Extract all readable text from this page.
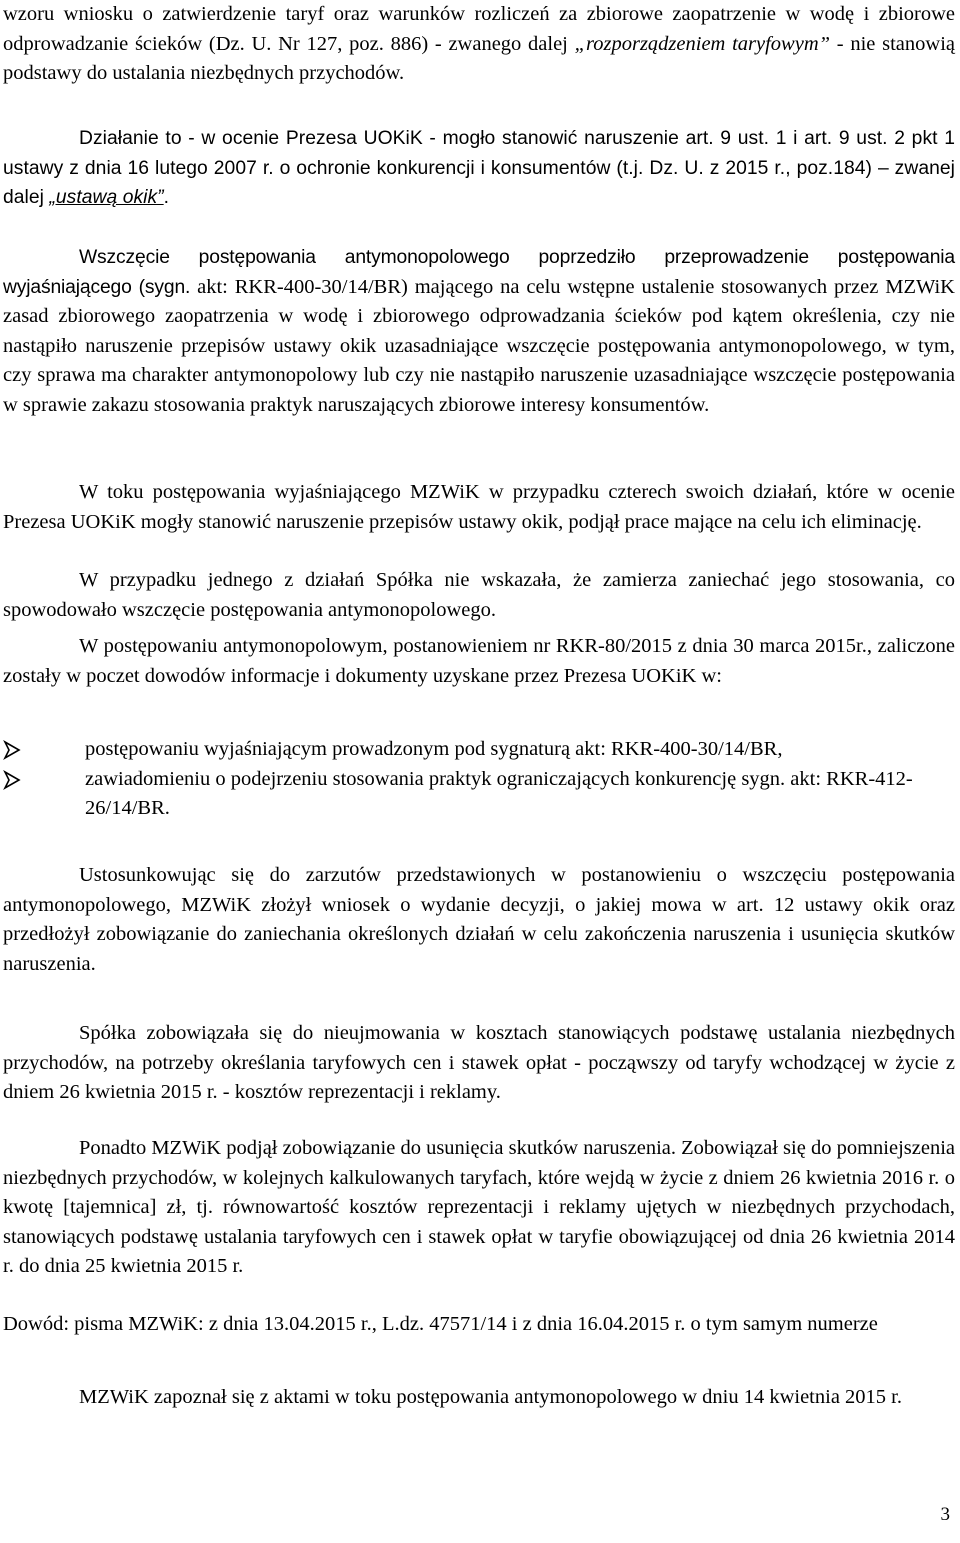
wzoru wniosku o zatwierdzenie taryf oraz warunków rozliczeń za zbiorowe zaopatrzenie w wodę i zbiorowe odprowadzanie ścieków (Dz. U. Nr 127, poz. 886) - zwanego dalej „rozporządzeniem taryfowym” - nie stanowią podstawy do ustalania niezbędnych przychodów.

Działanie to - w ocenie Prezesa UOKiK - mogło stanowić naruszenie art. 9 ust. 1 i art. 9 ust. 2 pkt 1 ustawy z dnia 16 lutego 2007 r. o ochronie konkurencji i konsumentów (t.j. Dz. U. z 2015 r., poz.184) – zwanej dalej „ustawą okik”.

Wszczęcie postępowania antymonopolowego poprzedziło przeprowadzenie postępowania wyjaśniającego (sygn. akt: RKR-400-30/14/BR) mającego na celu wstępne ustalenie stosowanych przez MZWiK zasad zbiorowego zaopatrzenia w wodę i zbiorowego odprowadzania ścieków pod kątem określenia, czy nie nastąpiło naruszenie przepisów ustawy okik uzasadniające wszczęcie postępowania antymonopolowego, w tym, czy sprawa ma charakter antymonopolowy lub czy nie nastąpiło naruszenie uzasadniające wszczęcie postępowania w sprawie zakazu stosowania praktyk naruszających zbiorowe interesy konsumentów.

W toku postępowania wyjaśniającego MZWiK w przypadku czterech swoich działań, które w ocenie Prezesa UOKiK mogły stanowić naruszenie przepisów ustawy okik, podjął prace mające na celu ich eliminację.

W przypadku jednego z działań Spółka nie wskazała, że zamierza zaniechać jego stosowania, co spowodowało wszczęcie postępowania antymonopolowego.

W postępowaniu antymonopolowym, postanowieniem nr RKR-80/2015 z dnia 30 marca 2015r., zaliczone zostały w poczet dowodów informacje i dokumenty uzyskane przez Prezesa UOKiK w:

postępowaniu wyjaśniającym prowadzonym pod sygnaturą akt: RKR-400-30/14/BR,
zawiadomieniu o podejrzeniu stosowania praktyk ograniczających konkurencję sygn. akt: RKR-412-26/14/BR.

Ustosunkowując się do zarzutów przedstawionych w postanowieniu o wszczęciu postępowania antymonopolowego, MZWiK złożył wniosek o wydanie decyzji, o jakiej mowa w art. 12 ustawy okik oraz przedłożył zobowiązanie do zaniechania określonych działań w celu zakończenia naruszenia i usunięcia skutków naruszenia.

Spółka zobowiązała się do nieujmowania w kosztach stanowiących podstawę ustalania niezbędnych przychodów, na potrzeby określania taryfowych cen i stawek opłat - począwszy od taryfy wchodzącej w życie z dniem 26 kwietnia 2015 r. - kosztów reprezentacji i reklamy.

Ponadto MZWiK podjął zobowiązanie do usunięcia skutków naruszenia. Zobowiązał się do pomniejszenia niezbędnych przychodów, w kolejnych kalkulowanych taryfach, które wejdą w życie z dniem 26 kwietnia 2016 r. o kwotę [tajemnica] zł, tj. równowartość kosztów reprezentacji i reklamy ujętych w niezbędnych przychodach, stanowiących podstawę ustalania taryfowych cen i stawek opłat w taryfie obowiązującej od dnia 26 kwietnia 2014 r. do dnia 25 kwietnia 2015 r.

Dowód: pisma MZWiK: z dnia 13.04.2015 r., L.dz. 47571/14 i z dnia 16.04.2015 r. o tym samym numerze

MZWiK zapoznał się z aktami w toku postępowania antymonopolowego w dniu 14 kwietnia 2015 r.

3
